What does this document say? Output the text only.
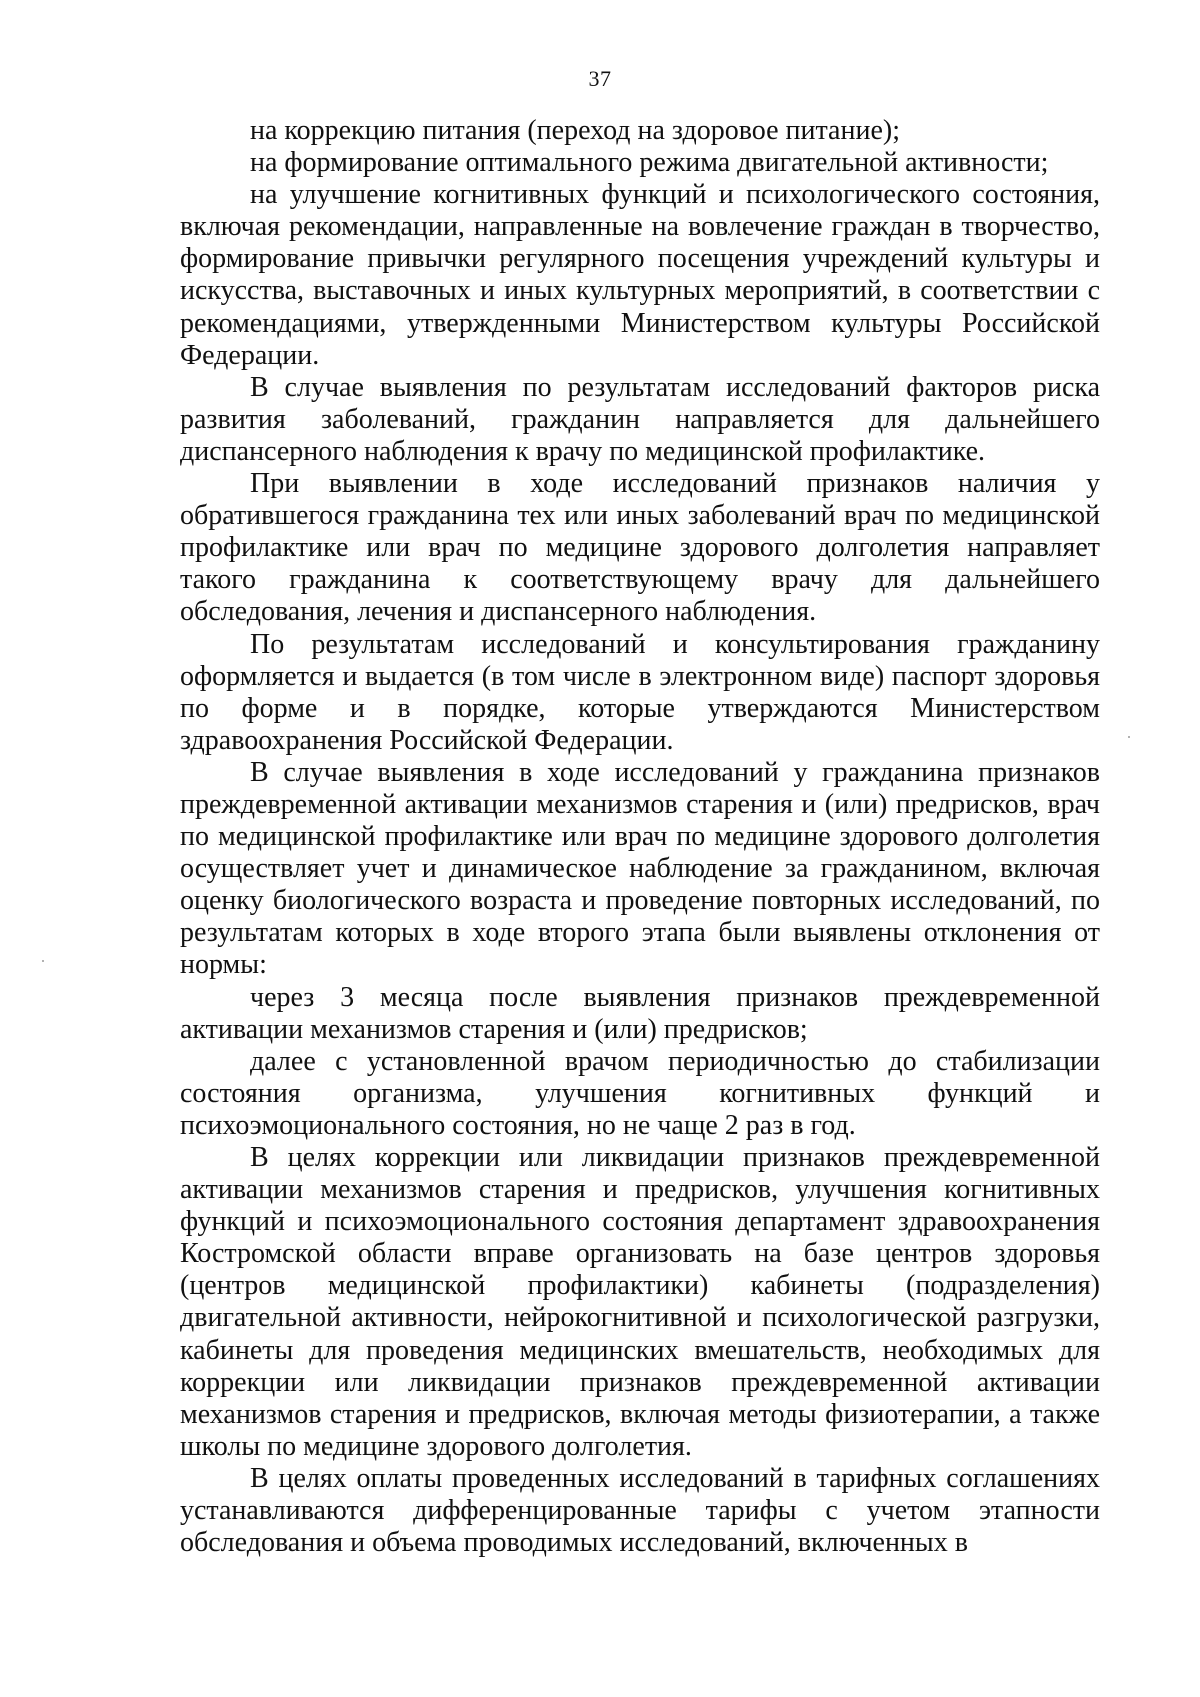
37

на коррекцию питания (переход на здоровое питание);

на формирование оптимального режима двигательной активности;

на улучшение когнитивных функций и психологического состояния, включая рекомендации, направленные на вовлечение граждан в творчество, формирование привычки регулярного посещения учреждений культуры и искусства, выставочных и иных культурных мероприятий, в соответствии с рекомендациями, утвержденными Министерством культуры Российской Федерации.

В случае выявления по результатам исследований факторов риска развития заболеваний, гражданин направляется для дальнейшего диспансерного наблюдения к врачу по медицинской профилактике.

При выявлении в ходе исследований признаков наличия у обратившегося гражданина тех или иных заболеваний врач по медицинской профилактике или врач по медицине здорового долголетия направляет такого гражданина к соответствующему врачу для дальнейшего обследования, лечения и диспансерного наблюдения.

По результатам исследований и консультирования гражданину оформляется и выдается (в том числе в электронном виде) паспорт здоровья по форме и в порядке, которые утверждаются Министерством здравоохранения Российской Федерации.

В случае выявления в ходе исследований у гражданина признаков преждевременной активации механизмов старения и (или) предрисков, врач по медицинской профилактике или врач по медицине здорового долголетия осуществляет учет и динамическое наблюдение за гражданином, включая оценку биологического возраста и проведение повторных исследований, по результатам которых в ходе второго этапа были выявлены отклонения от нормы:

через 3 месяца после выявления признаков преждевременной активации механизмов старения и (или) предрисков;

далее с установленной врачом периодичностью до стабилизации состояния организма, улучшения когнитивных функций и психоэмоционального состояния, но не чаще 2 раз в год.

В целях коррекции или ликвидации признаков преждевременной активации механизмов старения и предрисков, улучшения когнитивных функций и психоэмоционального состояния департамент здравоохранения Костромской области вправе организовать на базе центров здоровья (центров медицинской профилактики) кабинеты (подразделения) двигательной активности, нейрокогнитивной и психологической разгрузки, кабинеты для проведения медицинских вмешательств, необходимых для коррекции или ликвидации признаков преждевременной активации механизмов старения и предрисков, включая методы физиотерапии, а также школы по медицине здорового долголетия.

В целях оплаты проведенных исследований в тарифных соглашениях устанавливаются дифференцированные тарифы с учетом этапности обследования и объема проводимых исследований, включенных в
